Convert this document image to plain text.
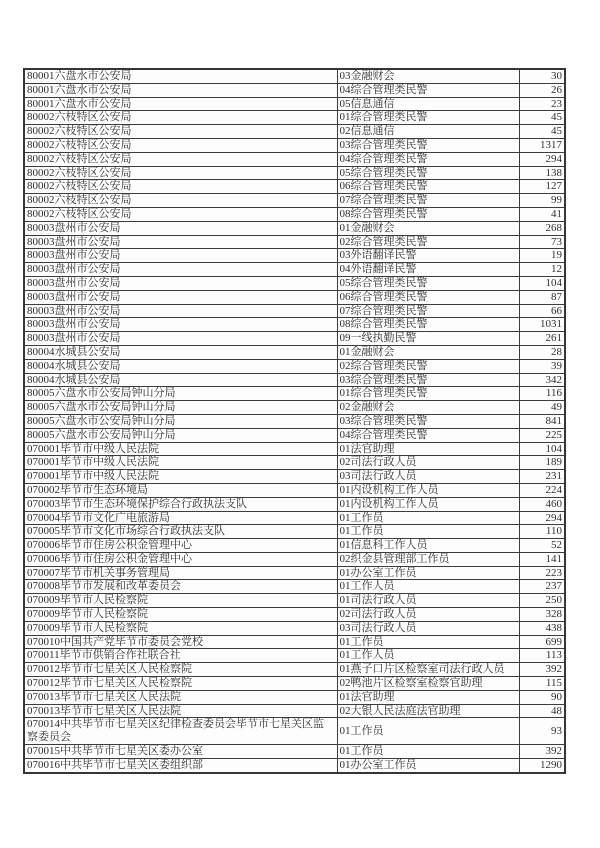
80001六盘水市公安局	03金融财会	30
80001六盘水市公安局	04综合管理类民警	26
80001六盘水市公安局	05信息通信	23
80002六枝特区公安局	01综合管理类民警	45
80002六枝特区公安局	02信息通信	45
80002六枝特区公安局	03综合管理类民警	1317
80002六枝特区公安局	04综合管理类民警	294
80002六枝特区公安局	05综合管理类民警	138
80002六枝特区公安局	06综合管理类民警	127
80002六枝特区公安局	07综合管理类民警	99
80002六枝特区公安局	08综合管理类民警	41
80003盘州市公安局	01金融财会	268
80003盘州市公安局	02综合管理类民警	73
80003盘州市公安局	03外语翻译民警	19
80003盘州市公安局	04外语翻译民警	12
80003盘州市公安局	05综合管理类民警	104
80003盘州市公安局	06综合管理类民警	87
80003盘州市公安局	07综合管理类民警	66
80003盘州市公安局	08综合管理类民警	1031
80003盘州市公安局	09一线执勤民警	261
80004水城县公安局	01金融财会	28
80004水城县公安局	02综合管理类民警	39
80004水城县公安局	03综合管理类民警	342
80005六盘水市公安局钟山分局	01综合管理类民警	116
80005六盘水市公安局钟山分局	02金融财会	49
80005六盘水市公安局钟山分局	03综合管理类民警	841
80005六盘水市公安局钟山分局	04综合管理类民警	225
070001毕节市中级人民法院	01法官助理	104
070001毕节市中级人民法院	02司法行政人员	189
070001毕节市中级人民法院	03司法行政人员	231
070002毕节市生态环境局	01内设机构工作人员	224
070003毕节市生态环境保护综合行政执法支队	01内设机构工作人员	460
070004毕节市文化广电旅游局	01工作员	294
070005毕节市文化市场综合行政执法支队	01工作员	110
070006毕节市住房公积金管理中心	01信息科工作人员	52
070006毕节市住房公积金管理中心	02织金县管理部工作员	141
070007毕节市机关事务管理局	01办公室工作员	223
070008毕节市发展和改革委员会	01工作人员	237
070009毕节市人民检察院	01司法行政人员	250
070009毕节市人民检察院	02司法行政人员	328
070009毕节市人民检察院	03司法行政人员	438
070010中国共产党毕节市委员会党校	01工作员	699
070011毕节市供销合作社联合社	01工作人员	113
070012毕节市七星关区人民检察院	01燕子口片区检察室司法行政人员	392
070012毕节市七星关区人民检察院	02鸭池片区检察室检察官助理	115
070013毕节市七星关区人民法院	01法官助理	90
070013毕节市七星关区人民法院	02大银人民法庭法官助理	48
070014中共毕节市七星关区纪律检查委员会毕节市七星关区监察委员会	01工作员	93
070015中共毕节市七星关区委办公室	01工作员	392
070016中共毕节市七星关区委组织部	01办公室工作员	1290
